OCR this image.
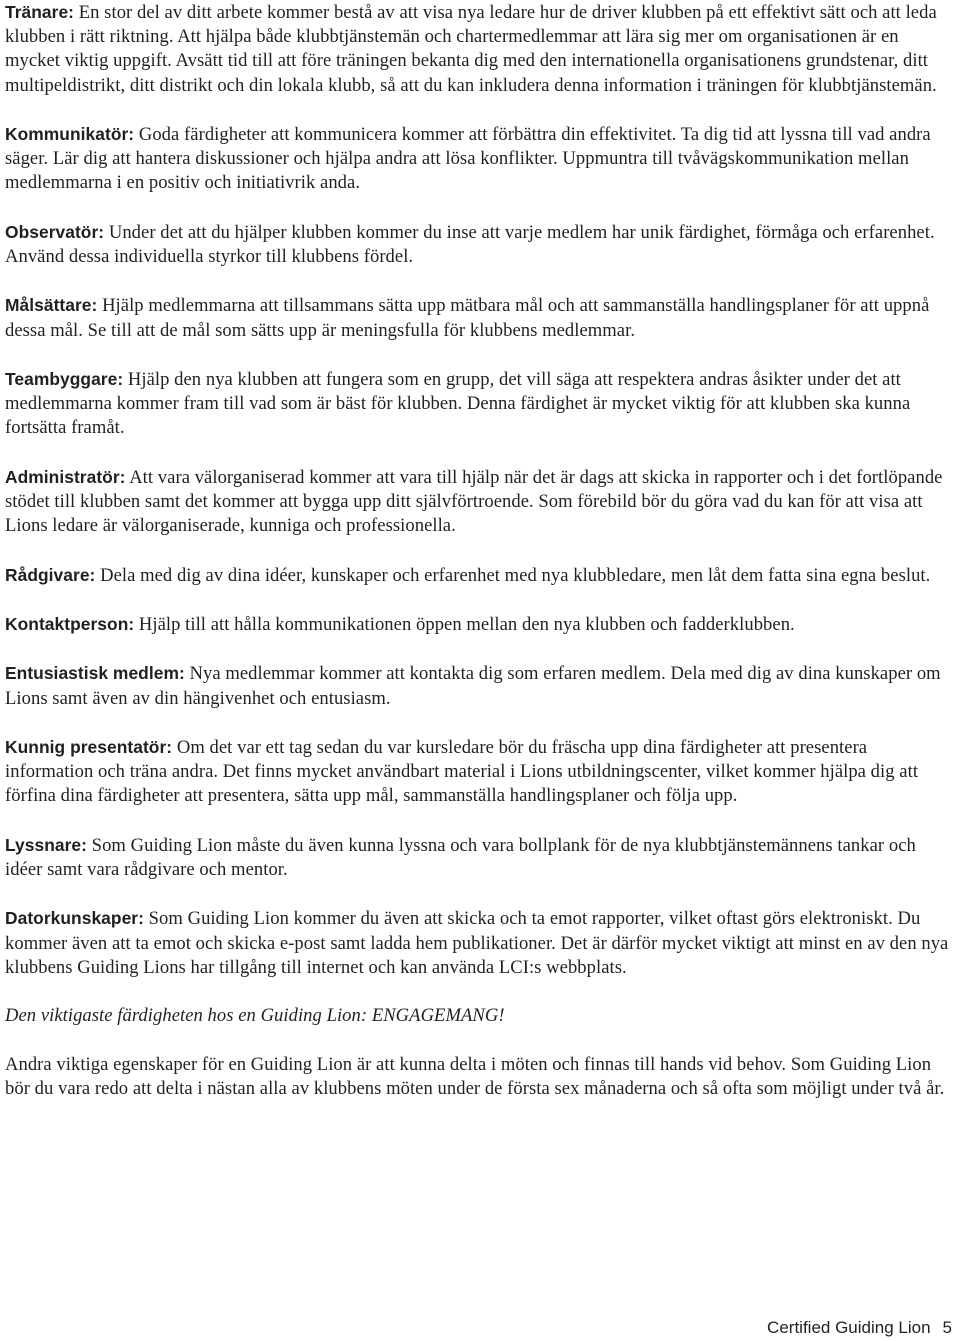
Tränare: En stor del av ditt arbete kommer bestå av att visa nya ledare hur de driver klubben på ett effektivt sätt och att leda klubben i rätt riktning. Att hjälpa både klubbtjänstemän och chartermedlemmar att lära sig mer om organisationen är en mycket viktig uppgift. Avsätt tid till att före träningen bekanta dig med den internationella organisationens grundstenar, ditt multipeldistrikt, ditt distrikt och din lokala klubb, så att du kan inkludera denna information i träningen för klubbtjänstemän.

Kommunikatör: Goda färdigheter att kommunicera kommer att förbättra din effektivitet. Ta dig tid att lyssna till vad andra säger. Lär dig att hantera diskussioner och hjälpa andra att lösa konflikter. Uppmuntra till tvåvägskommunikation mellan medlemmarna i en positiv och initiativrik anda.

Observatör: Under det att du hjälper klubben kommer du inse att varje medlem har unik färdighet, förmåga och erfarenhet. Använd dessa individuella styrkor till klubbens fördel.

Målsättare: Hjälp medlemmarna att tillsammans sätta upp mätbara mål och att sammanställa handlingsplaner för att uppnå dessa mål. Se till att de mål som sätts upp är meningsfulla för klubbens medlemmar.

Teambyggare: Hjälp den nya klubben att fungera som en grupp, det vill säga att respektera andras åsikter under det att medlemmarna kommer fram till vad som är bäst för klubben. Denna färdighet är mycket viktig för att klubben ska kunna fortsätta framåt.

Administratör: Att vara välorganiserad kommer att vara till hjälp när det är dags att skicka in rapporter och i det fortlöpande stödet till klubben samt det kommer att bygga upp ditt självförtroende. Som förebild bör du göra vad du kan för att visa att Lions ledare är välorganiserade, kunniga och professionella.

Rådgivare: Dela med dig av dina idéer, kunskaper och erfarenhet med nya klubbledare, men låt dem fatta sina egna beslut.

Kontaktperson: Hjälp till att hålla kommunikationen öppen mellan den nya klubben och fadderklubben.

Entusiastisk medlem: Nya medlemmar kommer att kontakta dig som erfaren medlem. Dela med dig av dina kunskaper om Lions samt även av din hängivenhet och entusiasm.

Kunnig presentatör: Om det var ett tag sedan du var kursledare bör du fräscha upp dina färdigheter att presentera information och träna andra. Det finns mycket användbart material i Lions utbildningscenter, vilket kommer hjälpa dig att förfina dina färdigheter att presentera, sätta upp mål, sammanställa handlingsplaner och följa upp.

Lyssnare: Som Guiding Lion måste du även kunna lyssna och vara bollplank för de nya klubbtjänstemännens tankar och idéer samt vara rådgivare och mentor.

Datorkunskaper: Som Guiding Lion kommer du även att skicka och ta emot rapporter, vilket oftast görs elektroniskt. Du kommer även att ta emot och skicka e-post samt ladda hem publikationer. Det är därför mycket viktigt att minst en av den nya klubbens Guiding Lions har tillgång till internet och kan använda LCI:s webbplats.

Den viktigaste färdigheten hos en Guiding Lion: ENGAGEMANG!

Andra viktiga egenskaper för en Guiding Lion är att kunna delta i möten och finnas till hands vid behov. Som Guiding Lion bör du vara redo att delta i nästan alla av klubbens möten under de första sex månaderna och så ofta som möjligt under två år.

Certified Guiding Lion 5
